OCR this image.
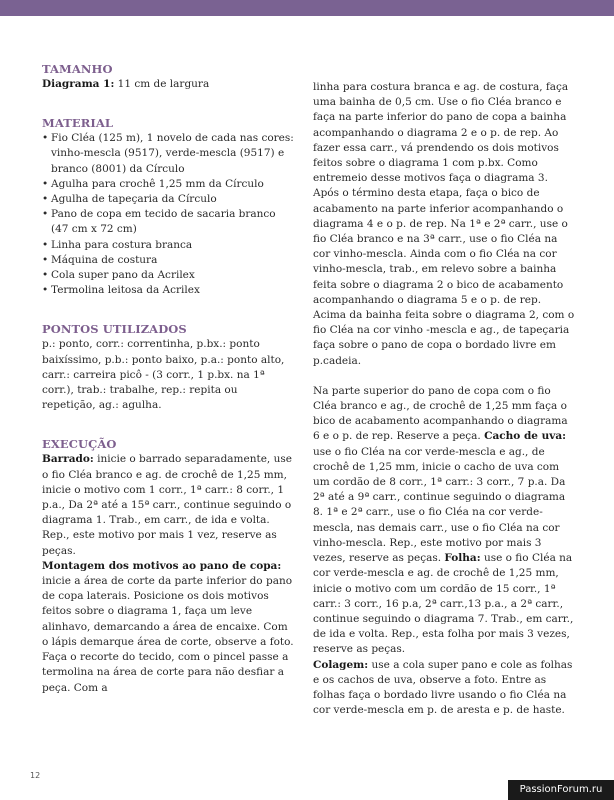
TAMANHO

Diagrama 1: 11 cm de largura

MATERIAL
• Fio Cléa (125 m), 1 novelo de cada nas cores: vinho-mescla (9517), verde-mescla (9517) e branco (8001) da Círculo
• Agulha para crochê 1,25 mm da Círculo
• Agulha de tapeçaria da Círculo
• Pano de copa em tecido de sacaria branco (47 cm x 72 cm)
• Linha para costura branca
• Máquina de costura
• Cola super pano da Acrilex
• Termolina leitosa da Acrilex
PONTOS UTILIZADOS

p.: ponto, corr.: correntinha, p.bx.: ponto baixíssimo, p.b.: ponto baixo, p.a.: ponto alto, carr.: carreira picô - (3 corr., 1 p.bx. na 1ª corr.), trab.: trabalhe, rep.: repita ou repetição, ag.: agulha.

EXECUÇÃO

Barrado: inicie o barrado separadamente, use o fio Cléa branco e ag. de crochê de 1,25 mm, inicie o motivo com 1 corr., 1ª carr.: 8 corr., 1 p.a., Da 2ª até a 15ª carr., continue seguindo o diagrama 1. Trab., em carr., de ida e volta. Rep., este motivo por mais 1 vez, reserve as peças.

Montagem dos motivos ao pano de copa: inicie a área de corte da parte inferior do pano de copa laterais. Posicione os dois motivos feitos sobre o diagrama 1, faça um leve alinhavo, demarcando a área de encaixe. Com o lápis demarque área de corte, observe a foto. Faça o recorte do tecido, com o pincel passe a termolina na área de corte para não desfiar a peça. Com a

linha para costura branca e ag. de costura, faça uma bainha de 0,5 cm. Use o fio Cléa branco e faça na parte inferior do pano de copa a bainha acompanhando o diagrama 2 e o p. de rep. Ao fazer essa carr., vá prendendo os dois motivos feitos sobre o diagrama 1 com p.bx. Como entremeio desse motivos faça o diagrama 3. Após o término desta etapa, faça o bico de acabamento na parte inferior acompanhando o diagrama 4 e o p. de rep. Na 1ª e 2ª carr., use o fio Cléa branco e na 3ª carr., use o fio Cléa na cor vinho-mescla. Ainda com o fio Cléa na cor vinho-mescla, trab., em relevo sobre a bainha feita sobre o diagrama 2 o bico de acabamento acompanhando o diagrama 5 e o p. de rep. Acima da bainha feita sobre o diagrama 2, com o fio Cléa na cor vinho -mescla e ag., de tapeçaria faça sobre o pano de copa o bordado livre em p.cadeia.

Na parte superior do pano de copa com o fio Cléa branco e ag., de crochê de 1,25 mm faça o bico de acabamento acompanhando o diagrama 6 e o p. de rep. Reserve a peça. Cacho de uva: use o fio Cléa na cor verde-mescla e ag., de crochê de 1,25 mm, inicie o cacho de uva com um cordão de 8 corr., 1ª carr.: 3 corr., 7 p.a. Da 2ª até a 9ª carr., continue seguindo o diagrama 8. 1ª e 2ª carr., use o fio Cléa na cor verde-mescla, nas demais carr., use o fio Cléa na cor vinho-mescla. Rep., este motivo por mais 3 vezes, reserve as peças. Folha: use o fio Cléa na cor verde-mescla e ag. de crochê de 1,25 mm, inicie o motivo com um cordão de 15 corr., 1ª carr.: 3 corr., 16 p.a, 2ª carr.,13 p.a., a 2ª carr., continue seguindo o diagrama 7. Trab., em carr., de ida e volta. Rep., esta folha por mais 3 vezes, reserve as peças.
Colagem: use a cola super pano e cole as folhas e os cachos de uva, observe a foto. Entre as folhas faça o bordado livre usando o fio Cléa na cor verde-mescla em p. de aresta e p. de haste.

12
PassionForum.ru
